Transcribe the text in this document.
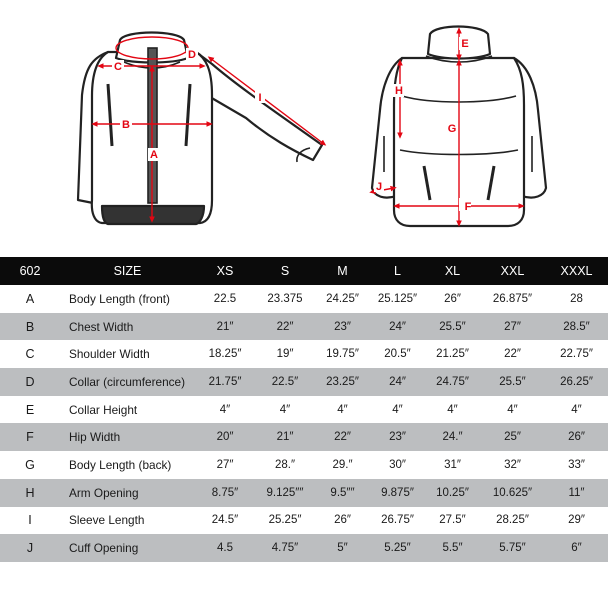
A
B
C
D
I
E
F
G
H
J
602	SIZE	XS	S	M	L	XL	XXL	XXXL
A	Body Length (front)	22.5	23.375	24.25″	25.125″	26″	26.875″	28
B	Chest Width	21″	22″	23″	24″	25.5″	27″	28.5″
C	Shoulder Width	18.25″	19″	19.75″	20.5″	21.25″	22″	22.75″
D	Collar (circumference)	21.75″	22.5″	23.25″	24″	24.75″	25.5″	26.25″
E	Collar Height	4″	4″	4″	4″	4″	4″	4″
F	Hip Width	20″	21″	22″	23″	24.″	25″	26″
G	Body Length (back)	27″	28.″	29.″	30″	31″	32″	33″
H	Arm Opening	8.75″	9.125″″	9.5″″	9.875″	10.25″	10.625″	11″
I	Sleeve Length	24.5″	25.25″	26″	26.75″	27.5″	28.25″	29″
J	Cuff Opening	4.5	4.75″	5″	5.25″	5.5″	5.75″	6″
